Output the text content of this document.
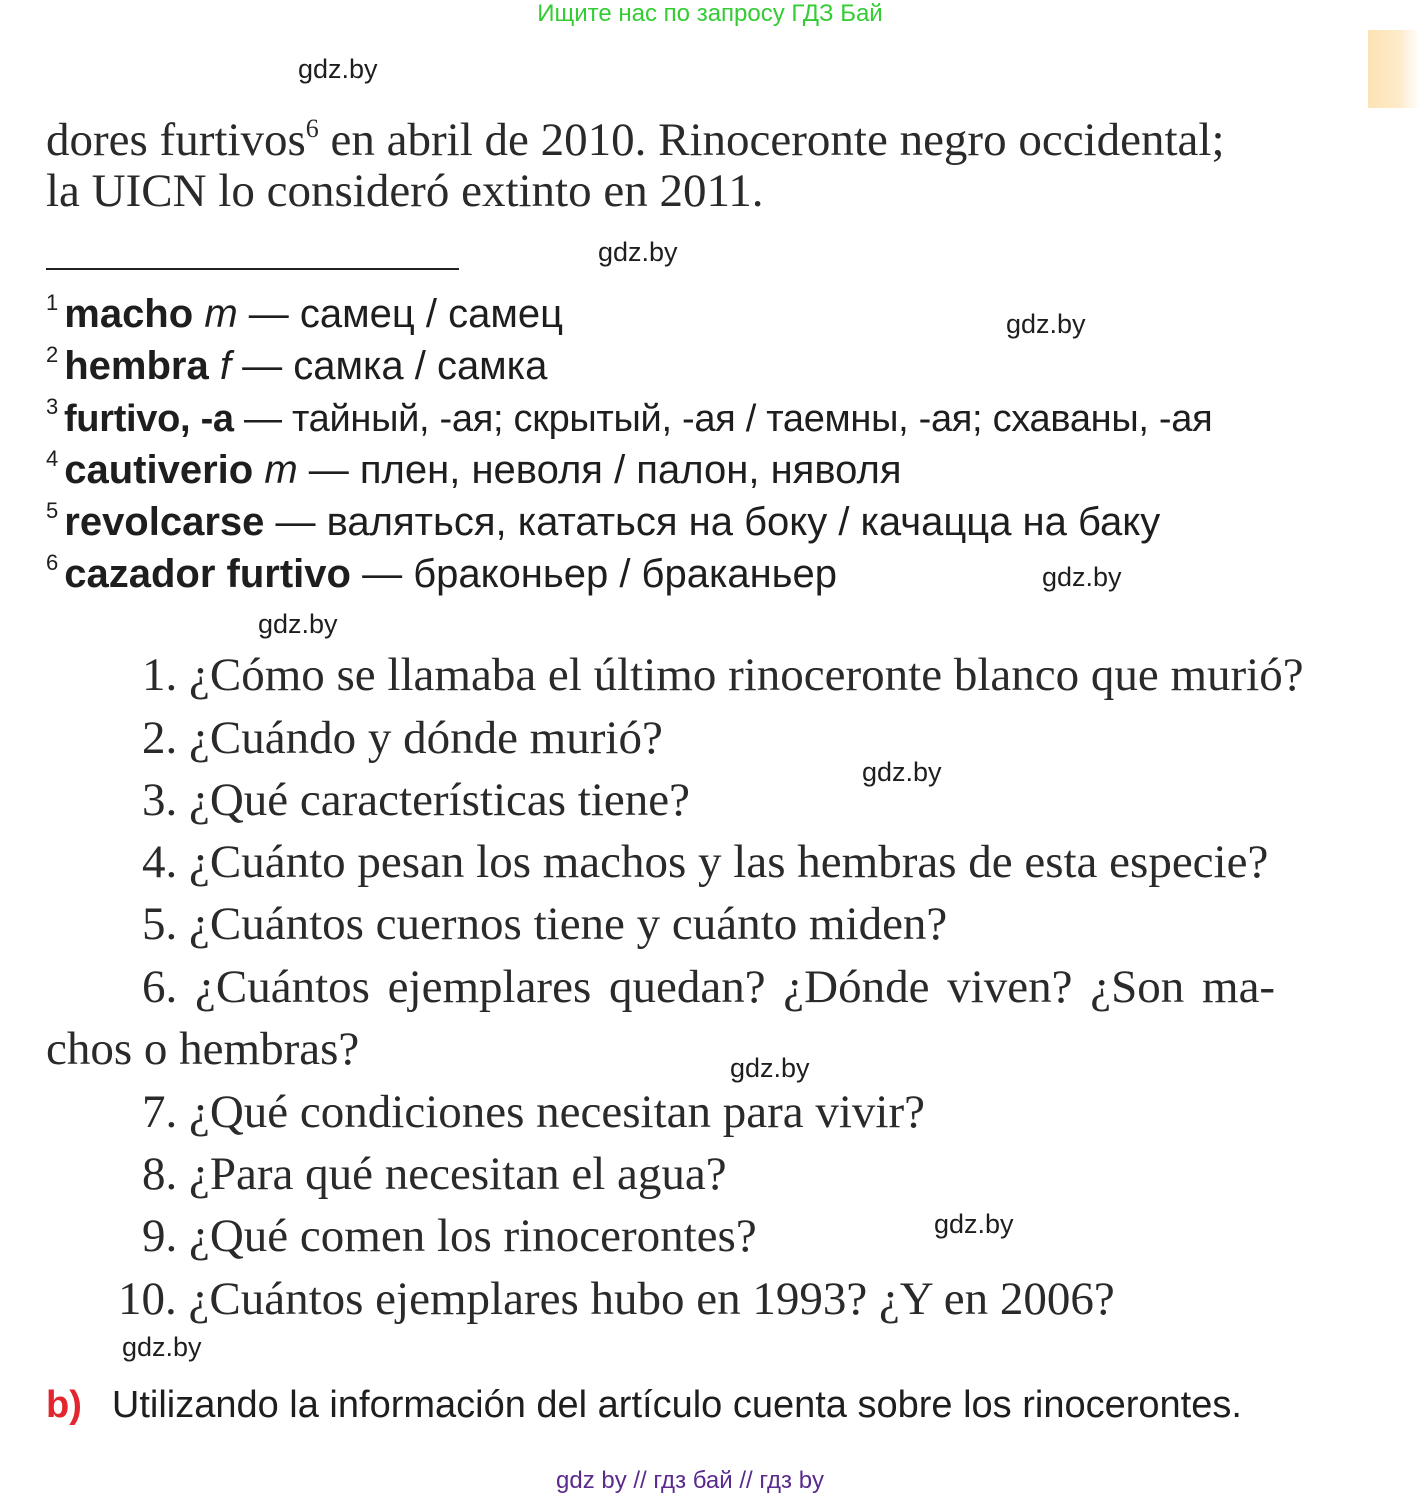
Ищите нас по запросу ГДЗ Бай
gdz.by
gdz.by
gdz.by
gdz.by
gdz.by
gdz.by
gdz.by
gdz.by
gdz.by
dores furtivos$^6$ en abril de 2010. Rinoceronte negro occidental;
la UICN lo consideró extinto en 2011.
$^1$ macho m — самец / самец
$^2$ hembra f — самка / самка
$^3$ furtivo, -a — тайный, -ая; скрытый, -ая / таемны, -ая; схаваны, -ая
$^4$ cautiverio m — плен, неволя / палон, няволя
$^5$ revolcarse — валяться, кататься на боку / качацца на баку
$^6$ cazador furtivo — браконьер / браканьер
1. ¿Cómo se llamaba el último rinoceronte blanco que murió?
2. ¿Cuándo y dónde murió?
3. ¿Qué características tiene?
4. ¿Cuánto pesan los machos y las hembras de esta especie?
5. ¿Cuántos cuernos tiene y cuánto miden?
6. ¿Cuántos ejemplares quedan? ¿Dónde viven? ¿Son ma-
chos o hembras?
7. ¿Qué condiciones necesitan para vivir?
8. ¿Para qué necesitan el agua?
9. ¿Qué comen los rinocerontes?
10. ¿Cuántos ejemplares hubo en 1993? ¿Y en 2006?
b) Utilizando la información del artículo cuenta sobre los rinocerontes.
gdz by // гдз бай // гдз by
